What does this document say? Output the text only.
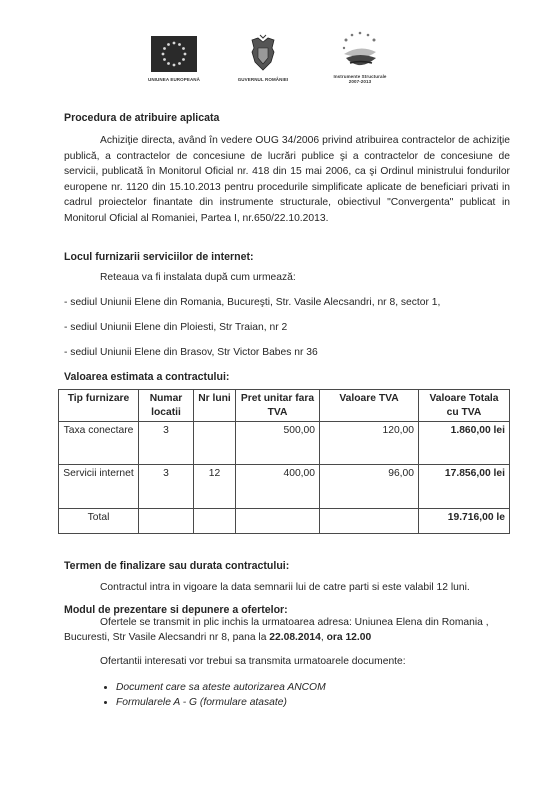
UNIUNEA EUROPEANĂ	GUVERNUL ROMÂNIEI
Instrumente Structurale
2007-2013

Procedura de atribuire aplicata

Achiziţie directa, având în vedere OUG 34/2006 privind atribuirea contractelor de achiziţie publică, a contractelor de concesiune de lucrări publice şi a contractelor de concesiune de servicii, publicată în Monitorul Oficial nr. 418 din 15 mai 2006, ca şi Ordinul ministrului fondurilor europene nr. 1120 din 15.10.2013 pentru procedurile simplificate aplicate de beneficiari privati in cadrul proiectelor finantate din instrumente structurale, obiectivul "Convergenta" publicat in Monitorul Oficial al Romaniei, Partea I, nr.650/22.10.2013.

Locul furnizarii serviciilor de internet:

Reteaua va fi instalata după cum urmează:

- sediul Uniunii Elene din Romania, Bucureşti, Str. Vasile Alecsandri, nr 8, sector 1,

- sediul Uniunii Elene din Ploiesti, Str Traian, nr 2

- sediul Uniunii Elene din Brasov, Str Victor Babes nr 36

Valoarea estimata a contractului:

Tip furnizare	Numar locatii	Nr luni	Pret unitar fara TVA	Valoare TVA	Valoare Totala cu TVA
Taxa conectare	3		500,00	120,00	1.860,00 lei
Servicii internet	3	12	400,00	96,00	17.856,00 lei
Total					19.716,00 le

Termen de finalizare sau durata contractului:

Contractul intra in vigoare la data semnarii lui de catre parti si este valabil 12 luni.

Modul de prezentare si depunere a ofertelor:

Ofertele se transmit in plic inchis la urmatoarea adresa: Uniunea Elena din Romania ,

Bucuresti, Str Vasile Alecsandri nr 8, pana la 22.08.2014, ora 12.00

Ofertantii interesati vor trebui sa transmita urmatoarele documente:

• Document care sa ateste autorizarea ANCOM
• Formularele A - G (formulare atasate)
